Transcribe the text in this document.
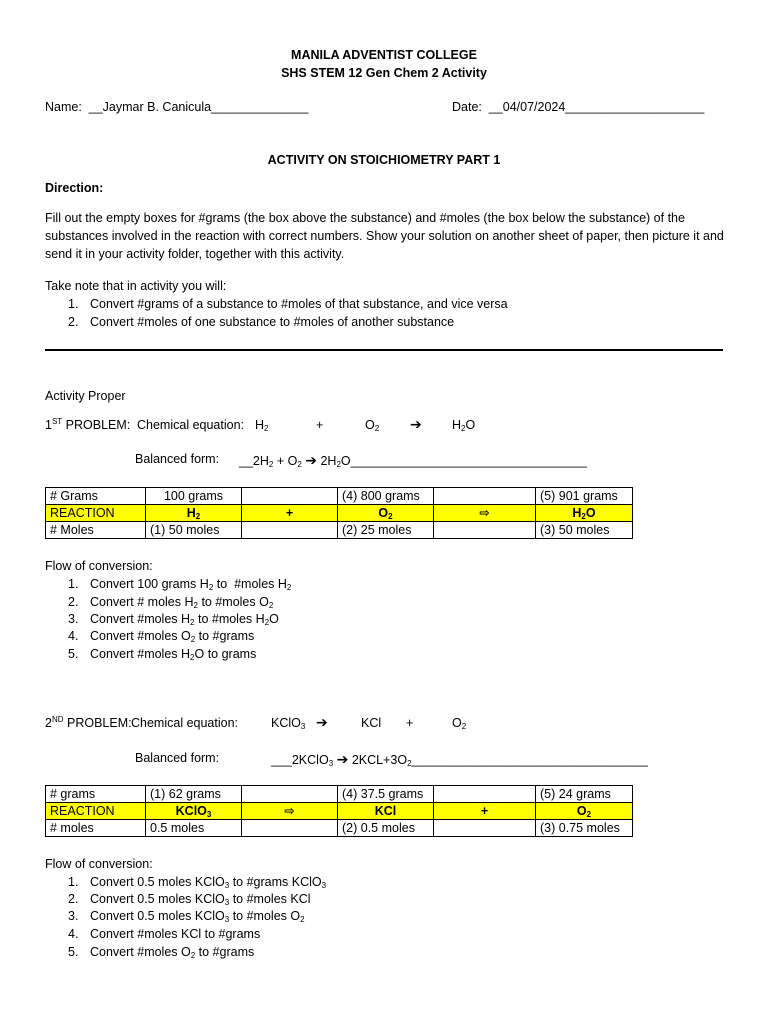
MANILA ADVENTIST COLLEGE
SHS STEM 12 Gen Chem 2 Activity
Name: __Jaymar B. Canicula______________	Date: __04/07/2024____________________
ACTIVITY ON STOICHIOMETRY PART 1
Direction:
Fill out the empty boxes for #grams (the box above the substance) and #moles (the box below the substance) of the substances involved in the reaction with correct numbers. Show your solution on another sheet of paper, then picture it and send it in your activity folder, together with this activity.
Take note that in activity you will:
1. Convert #grams of a substance to #moles of that substance, and vice versa
2. Convert #moles of one substance to #moles of another substance
Activity Proper
1ST PROBLEM: Chemical equation: $H_2$	+	$O_2$ ➔ $H_2O$
Balanced form: $\_\_2H_2 + O_2$ ➔ $2H_2O\_\_\_\_\_\_\_\_\_\_\_\_\_\_\_\_\_\_\_\_\_\_\_\_\_\_\_\_\_\_\_\_\_\_$
# Grams	100 grams		(4) 800 grams		(5) 901 grams
REACTION	$H_2$	+	$O_2$	⇨	$H_2O$
# Moles	(1) 50 moles		(2) 25 moles		(3) 50 moles
Flow of conversion:
1. Convert 100 grams $H_2$ to  #moles $H_2$
2. Convert # moles $H_2$ to #moles $O_2$
3. Convert #moles $H_2$ to #moles $H_2O$
4. Convert #moles $O_2$ to #grams
5. Convert #moles $H_2O$ to grams
2ND PROBLEM: Chemical equation:	KClO$_3$ ➔	KCl +	$O_2$
Balanced form:	___2KClO$_3$ ➔ $2KCL+3O_2\_\_\_\_\_\_\_\_\_\_\_\_\_\_\_\_\_\_\_\_\_\_\_\_\_\_\_\_\_\_\_\_\_\_$
# grams	(1) 62 grams		(4) 37.5 grams		(5) 24 grams
REACTION	KClO$_3$	⇨	KCl	+	$O_2$
# moles	0.5 moles		(2) 0.5 moles		(3) 0.75 moles
Flow of conversion:
1. Convert 0.5 moles KClO$_3$ to #grams KClO$_3$
2. Convert 0.5 moles KClO$_3$ to #moles KCl
3. Convert 0.5 moles KClO$_3$ to #moles $O_2$
4. Convert #moles KCl to #grams
5. Convert #moles $O_2$ to #grams
